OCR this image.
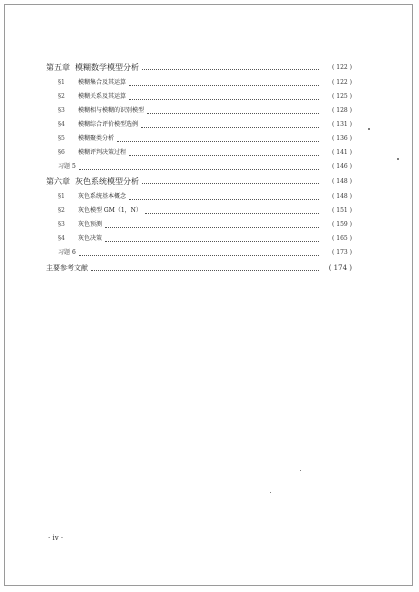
第五章 模糊数学模型分析	( 122 )
§1	模糊集合及其运算	( 122 )
§2	模糊关系及其运算	( 125 )
§3	模糊相与模糊的识别模型	( 128 )
§4	模糊综合评价模型选例	( 131 )
§5	模糊聚类分析	( 136 )
§6	模糊评判决策过程	( 141 )
习题 5	( 146 )
第六章 灰色系统模型分析	( 148 )
§1	灰色系统基本概念	( 148 )
§2	灰色模型 GM（1，N）	( 151 )
§3	灰色预测	( 159 )
§4	灰色决策	( 165 )
习题 6	( 173 )
主要参考文献	( 174 )
· iv ·
